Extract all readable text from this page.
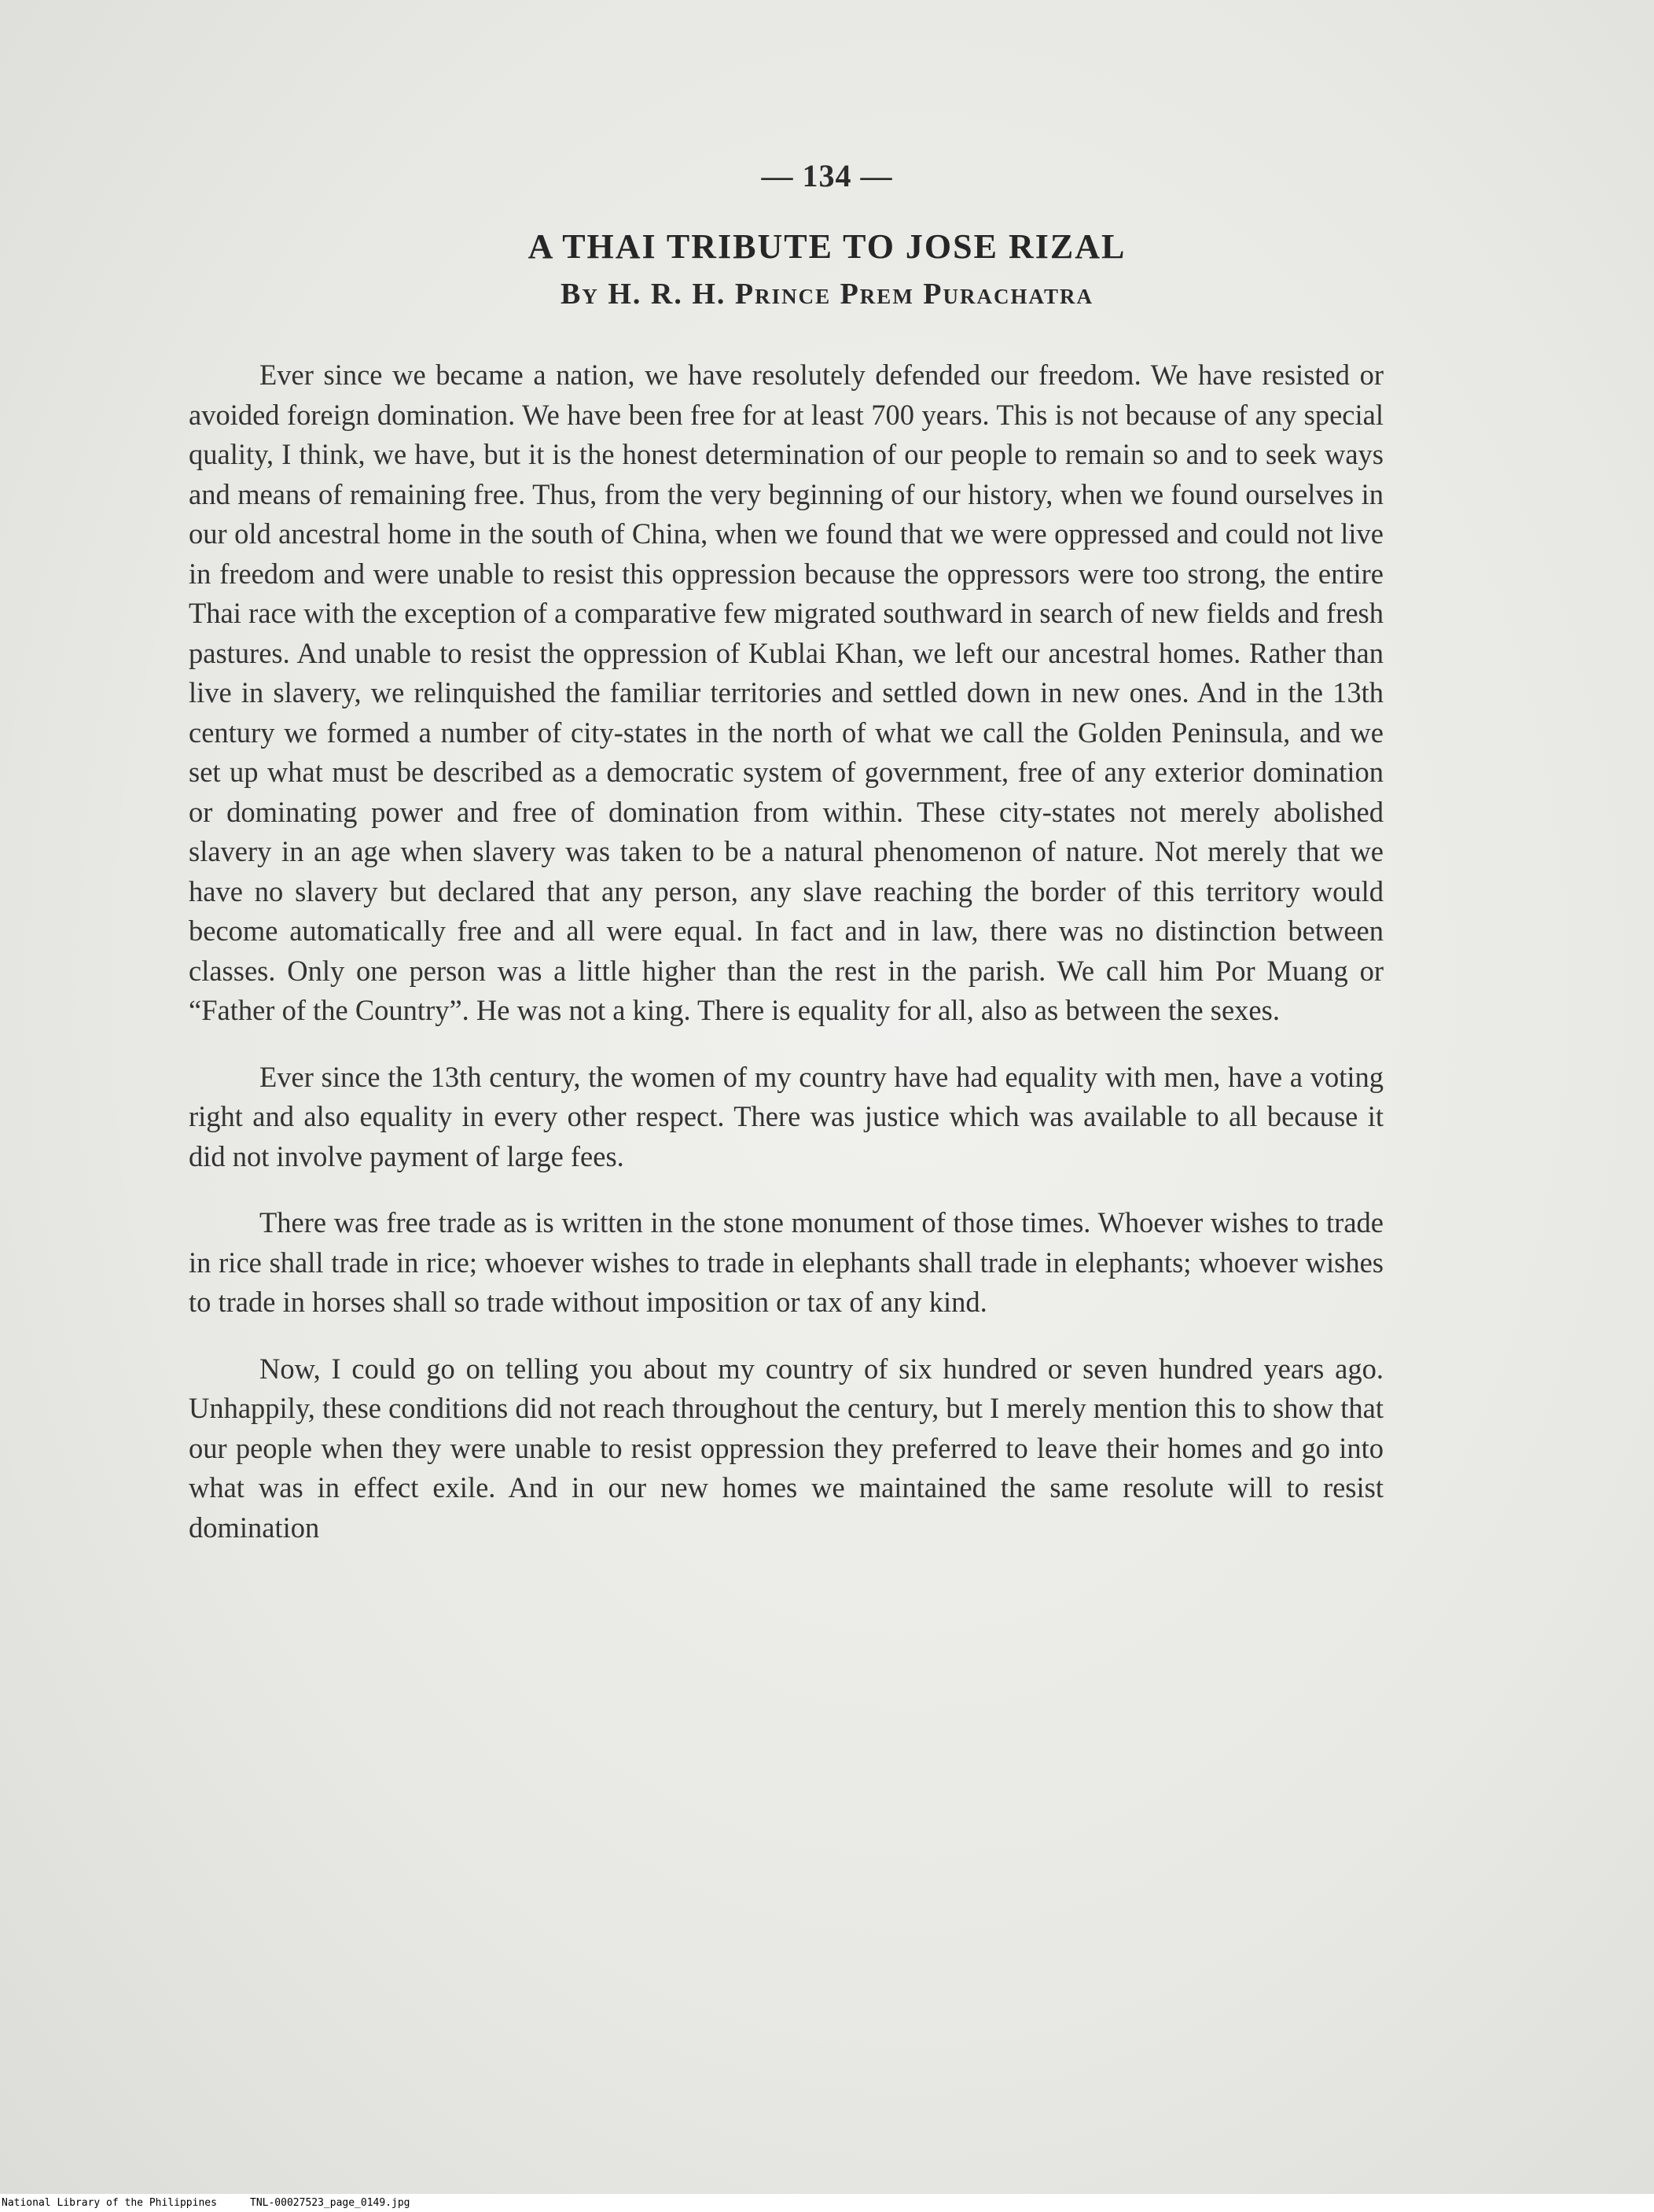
— 134 —
A THAI TRIBUTE TO JOSE RIZAL
By H. R. H. Prince Prem Purachatra

Ever since we became a nation, we have resolutely defended our freedom. We have resisted or avoided foreign domination. We have been free for at least 700 years. This is not because of any special quality, I think, we have, but it is the honest determination of our people to remain so and to seek ways and means of remaining free. Thus, from the very beginning of our history, when we found ourselves in our old ancestral home in the south of China, when we found that we were oppressed and could not live in freedom and were unable to resist this oppression because the oppressors were too strong, the entire Thai race with the exception of a comparative few migrated southward in search of new fields and fresh pastures. And unable to resist the oppression of Kublai Khan, we left our ancestral homes. Rather than live in slavery, we relinquished the familiar territories and settled down in new ones. And in the 13th century we formed a number of city-states in the north of what we call the Golden Peninsula, and we set up what must be described as a democratic system of government, free of any exterior domination or dominating power and free of domination from within. These city-states not merely abolished slavery in an age when slavery was taken to be a natural phenomenon of nature. Not merely that we have no slavery but declared that any person, any slave reaching the border of this territory would become automatically free and all were equal. In fact and in law, there was no distinction between classes. Only one person was a little higher than the rest in the parish. We call him Por Muang or “Father of the Country”. He was not a king. There is equality for all, also as between the sexes.

Ever since the 13th century, the women of my country have had equality with men, have a voting right and also equality in every other respect. There was justice which was available to all because it did not involve payment of large fees.

There was free trade as is written in the stone monument of those times. Whoever wishes to trade in rice shall trade in rice; whoever wishes to trade in elephants shall trade in elephants; whoever wishes to trade in horses shall so trade without imposition or tax of any kind.

Now, I could go on telling you about my country of six hundred or seven hundred years ago. Unhappily, these conditions did not reach throughout the century, but I merely mention this to show that our people when they were unable to resist oppression they preferred to leave their homes and go into what was in effect exile. And in our new homes we maintained the same resolute will to resist domination

National Library of the Philippines	TNL-00027523_page_0149.jpg
